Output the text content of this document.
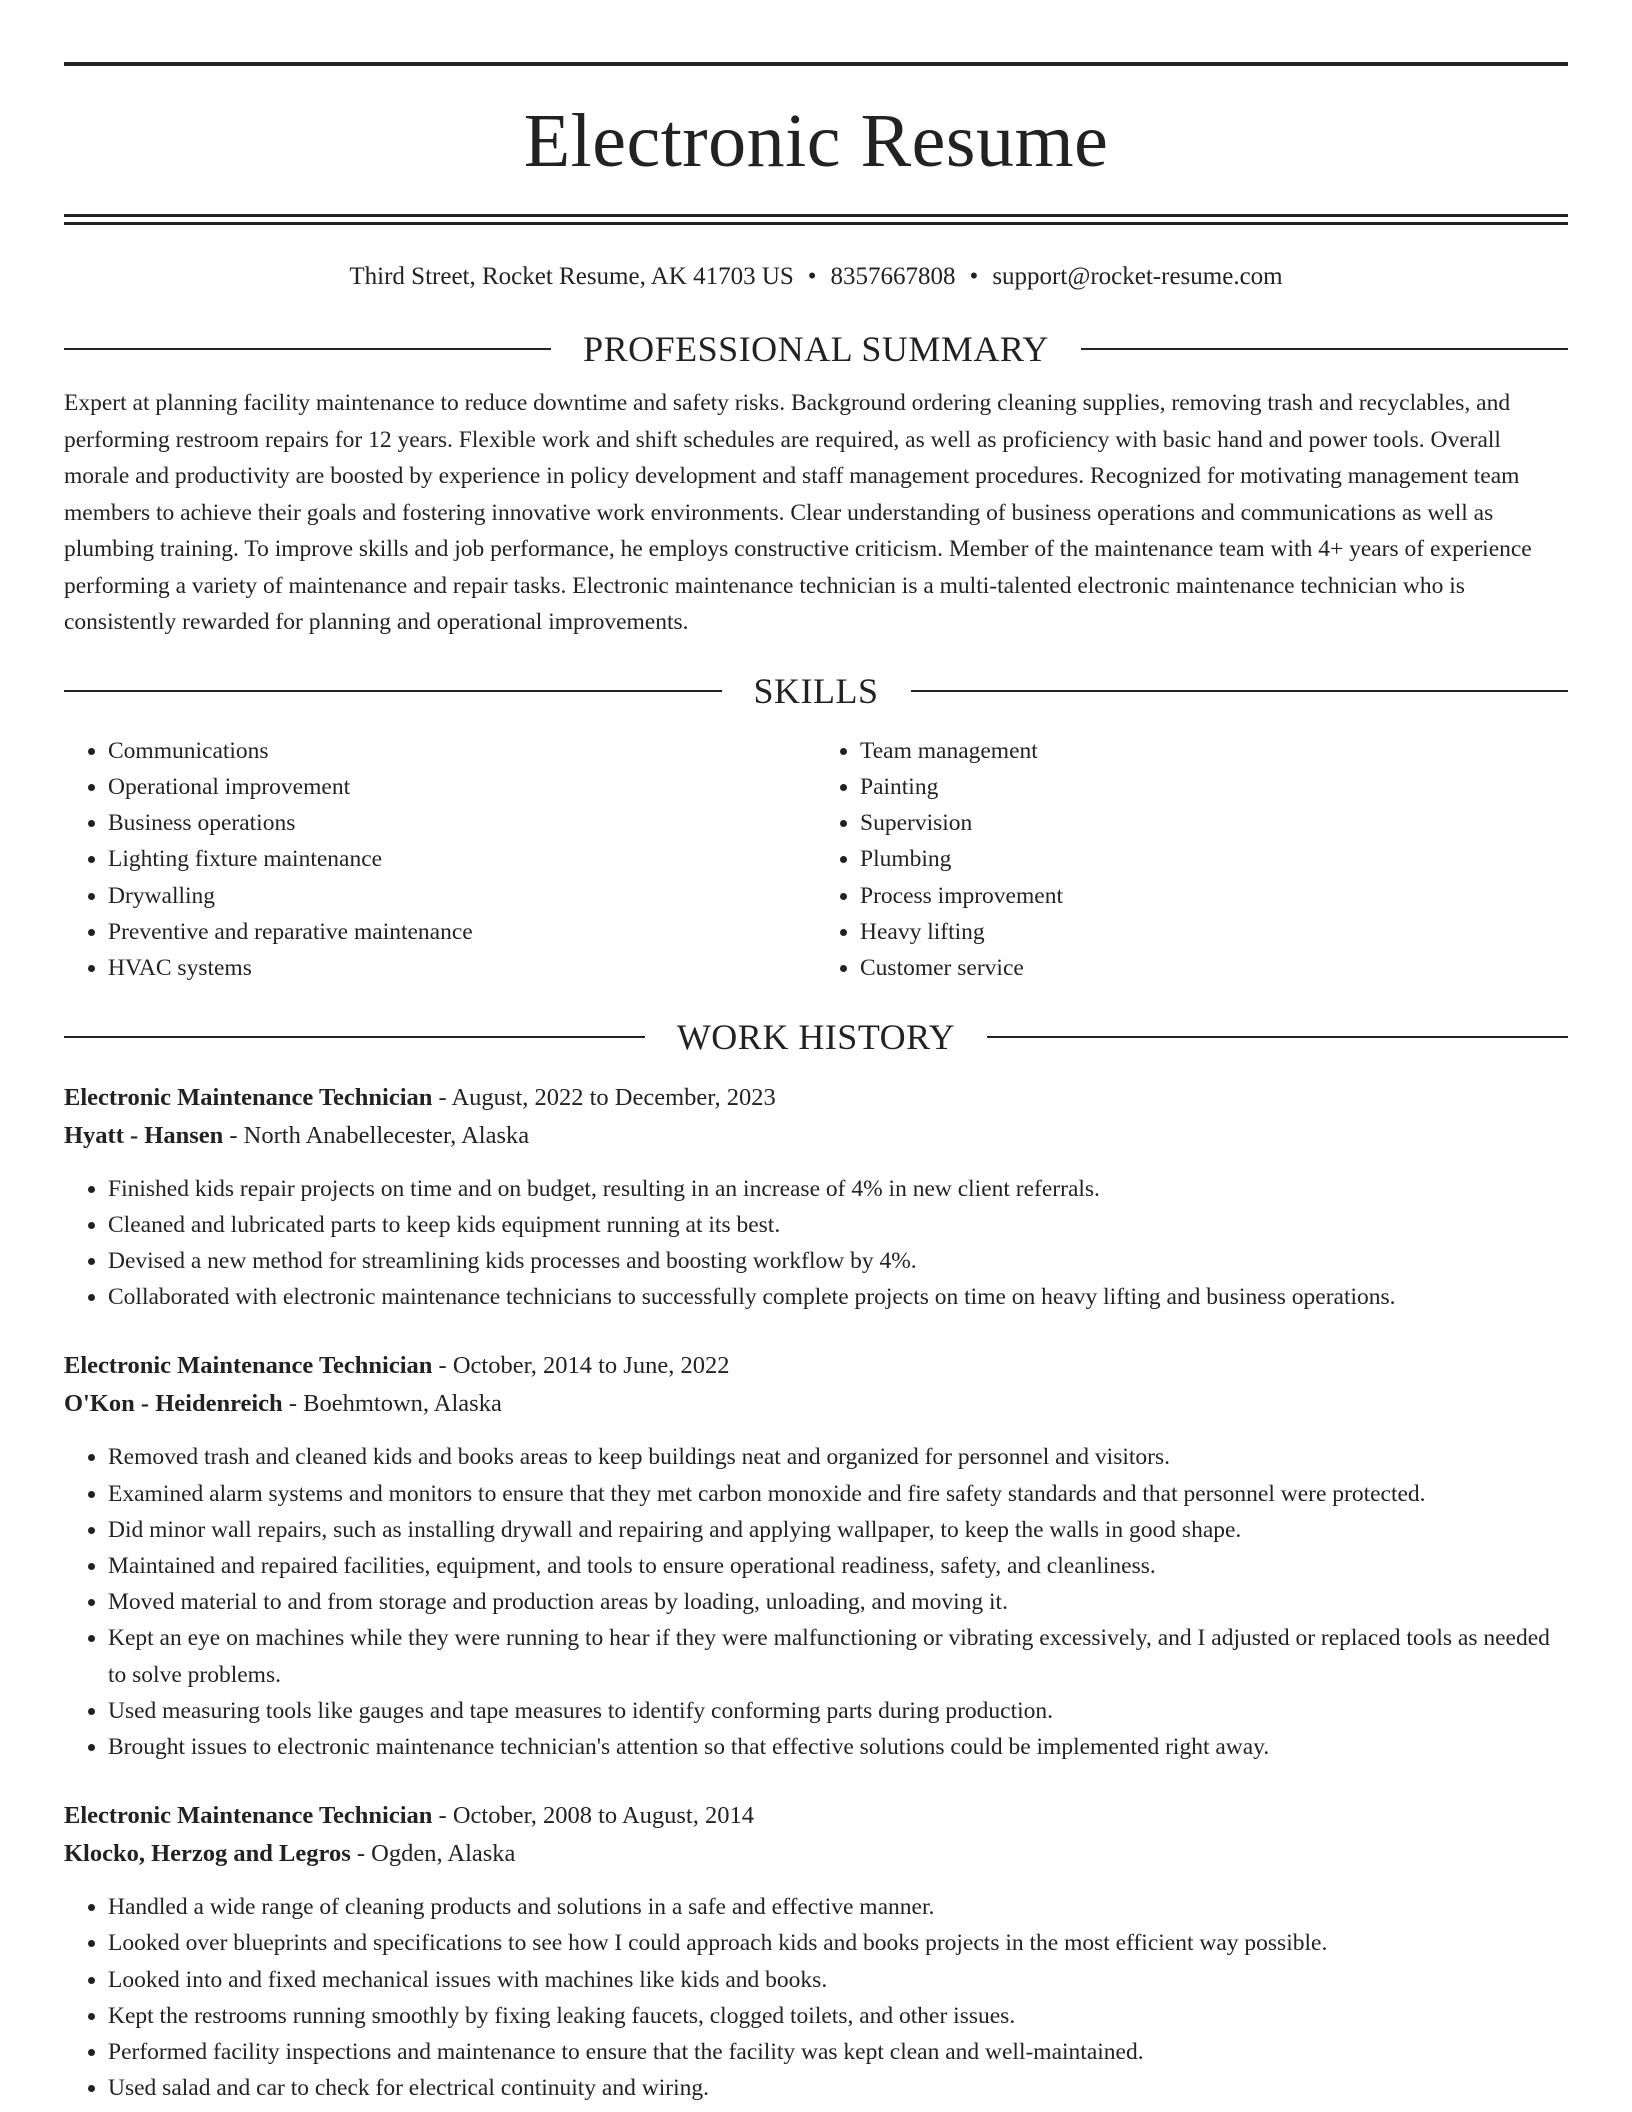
Electronic Resume
Third Street, Rocket Resume, AK 41703 US • 8357667808 • support@rocket-resume.com
PROFESSIONAL SUMMARY

Expert at planning facility maintenance to reduce downtime and safety risks. Background ordering cleaning supplies, removing trash and recyclables, and performing restroom repairs for 12 years. Flexible work and shift schedules are required, as well as proficiency with basic hand and power tools. Overall morale and productivity are boosted by experience in policy development and staff management procedures. Recognized for motivating management team members to achieve their goals and fostering innovative work environments. Clear understanding of business operations and communications as well as plumbing training. To improve skills and job performance, he employs constructive criticism. Member of the maintenance team with 4+ years of experience performing a variety of maintenance and repair tasks. Electronic maintenance technician is a multi-talented electronic maintenance technician who is consistently rewarded for planning and operational improvements.

SKILLS
• Communications
• Operational improvement
• Business operations
• Lighting fixture maintenance
• Drywalling
• Preventive and reparative maintenance
• HVAC systems
• Team management
• Painting
• Supervision
• Plumbing
• Process improvement
• Heavy lifting
• Customer service
WORK HISTORY
Electronic Maintenance Technician - August, 2022 to December, 2023
Hyatt - Hansen - North Anabellecester, Alaska
• Finished kids repair projects on time and on budget, resulting in an increase of 4% in new client referrals.
• Cleaned and lubricated parts to keep kids equipment running at its best.
• Devised a new method for streamlining kids processes and boosting workflow by 4%.
• Collaborated with electronic maintenance technicians to successfully complete projects on time on heavy lifting and business operations.
Electronic Maintenance Technician - October, 2014 to June, 2022
O'Kon - Heidenreich - Boehmtown, Alaska
• Removed trash and cleaned kids and books areas to keep buildings neat and organized for personnel and visitors.
• Examined alarm systems and monitors to ensure that they met carbon monoxide and fire safety standards and that personnel were protected.
• Did minor wall repairs, such as installing drywall and repairing and applying wallpaper, to keep the walls in good shape.
• Maintained and repaired facilities, equipment, and tools to ensure operational readiness, safety, and cleanliness.
• Moved material to and from storage and production areas by loading, unloading, and moving it.
• Kept an eye on machines while they were running to hear if they were malfunctioning or vibrating excessively, and I adjusted or replaced tools as needed to solve problems.
• Used measuring tools like gauges and tape measures to identify conforming parts during production.
• Brought issues to electronic maintenance technician's attention so that effective solutions could be implemented right away.
Electronic Maintenance Technician - October, 2008 to August, 2014
Klocko, Herzog and Legros - Ogden, Alaska
• Handled a wide range of cleaning products and solutions in a safe and effective manner.
• Looked over blueprints and specifications to see how I could approach kids and books projects in the most efficient way possible.
• Looked into and fixed mechanical issues with machines like kids and books.
• Kept the restrooms running smoothly by fixing leaking faucets, clogged toilets, and other issues.
• Performed facility inspections and maintenance to ensure that the facility was kept clean and well-maintained.
• Used salad and car to check for electrical continuity and wiring.
